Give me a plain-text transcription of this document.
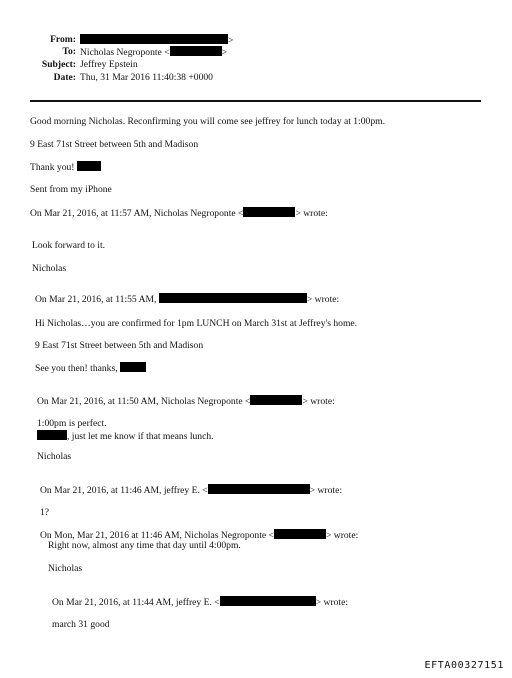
From:	>
To: Nicholas Negroponte <	>
Subject: Jeffrey Epstein
Date: Thu, 31 Mar 2016 11:40:38 +0000
Good morning Nicholas. Reconfirming you will come see jeffrey for lunch today at 1:00pm.
9 East 71st Street between 5th and Madison
Thank you!
Sent from my iPhone
On Mar 21, 2016, at 11:57 AM, Nicholas Negroponte <	> wrote:
Look forward to it.
Nicholas
On Mar 21, 2016, at 11:55 AM,	> wrote:
Hi Nicholas…you are confirmed for 1pm LUNCH on March 31st at Jeffrey's home.
9 East 71st Street between 5th and Madison
See you then! thanks,
On Mar 21, 2016, at 11:50 AM, Nicholas Negroponte <	> wrote:
1:00pm is perfect.
, just let me know if that means lunch.
Nicholas
On Mar 21, 2016, at 11:46 AM, jeffrey E. <	> wrote:
1?
On Mon, Mar 21, 2016 at 11:46 AM, Nicholas Negroponte <	> wrote:
Right now, almost any time that day until 4:00pm.
Nicholas
On Mar 21, 2016, at 11:44 AM, jeffrey E. <	> wrote:
march 31 good
EFTA00327151
